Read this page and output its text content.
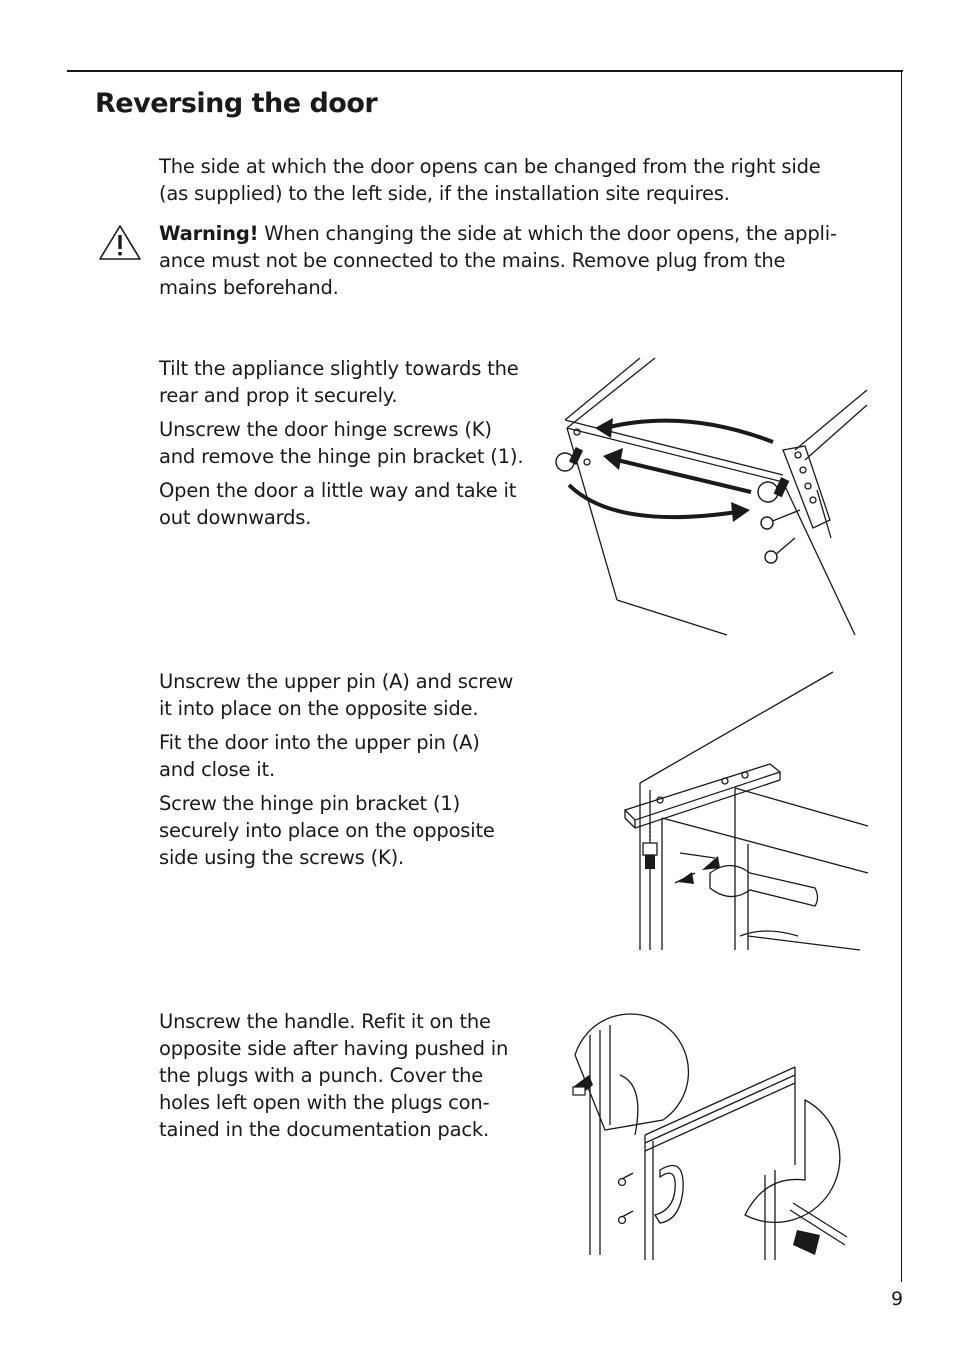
Reversing the door

The side at which the door opens can be changed from the right side
(as supplied) to the left side, if the installation site requires.

Warning! When changing the side at which the door opens, the appli-
ance must not be connected to the mains. Remove plug from the
mains beforehand.

Tilt the appliance slightly towards the
rear and prop it securely.

Unscrew the door hinge screws (K)
and remove the hinge pin bracket (1).

Open the door a little way and take it
out downwards.

Unscrew the upper pin (A) and screw
it into place on the opposite side.

Fit the door into the upper pin (A)
and close it.

Screw the hinge pin bracket (1)
securely into place on the opposite
side using the screws (K).

Unscrew the handle. Refit it on the
opposite side after having pushed in
the plugs with a punch. Cover the
holes left open with the plugs con-
tained in the documentation pack.

9
